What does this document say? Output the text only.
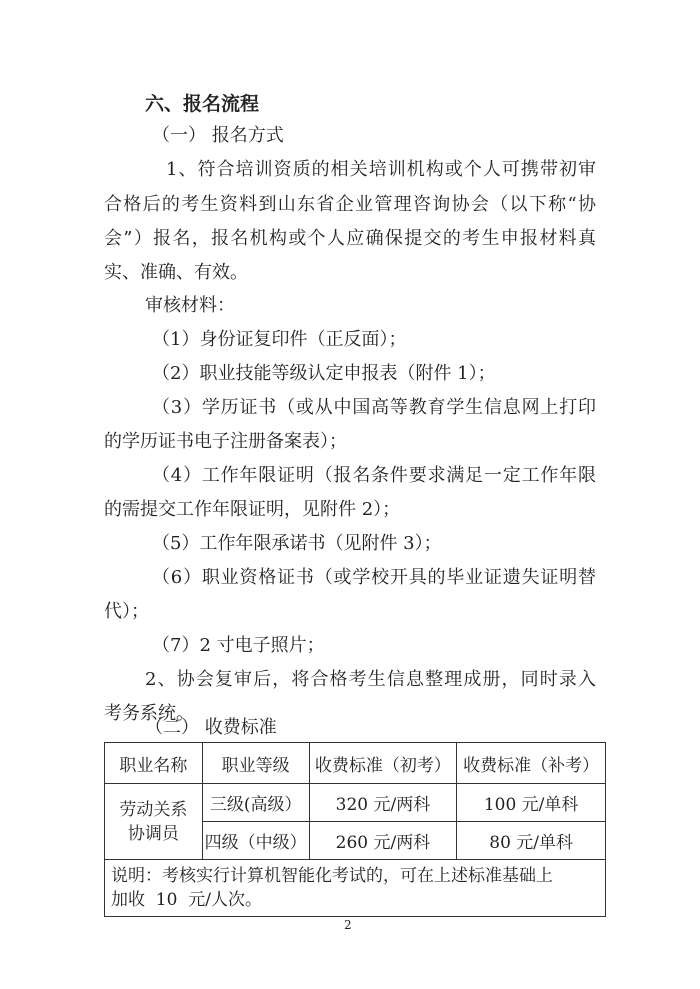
六、报名流程
（一） 报名方式
1、符合培训资质的相关培训机构或个人可携带初审
合格后的考生资料到山东省企业管理咨询协会（以下称“协
会”）报名，报名机构或个人应确保提交的考生申报材料真
实、准确、有效。
审核材料：
（1）身份证复印件（正反面）；
（2）职业技能等级认定申报表（附件 1）；
（3）学历证书（或从中国高等教育学生信息网上打印
的学历证书电子注册备案表）；
（4）工作年限证明（报名条件要求满足一定工作年限
的需提交工作年限证明，见附件 2）；
（5）工作年限承诺书（见附件 3）；
（6）职业资格证书（或学校开具的毕业证遗失证明替
代）；
（7）2 寸电子照片；
2、协会复审后，将合格考生信息整理成册，同时录入
考务系统。
（二） 收费标准
职业名称	职业等级	收费标准（初考）	收费标准（补考）

劳动关系
协调员	三级(高级）	320 元/两科	100 元/单科
	四级（中级）	260 元/两科	80 元/单科

说明：考核实行计算机智能化考试的，可在上述标准基础上
加收  10  元/人次。			
2
